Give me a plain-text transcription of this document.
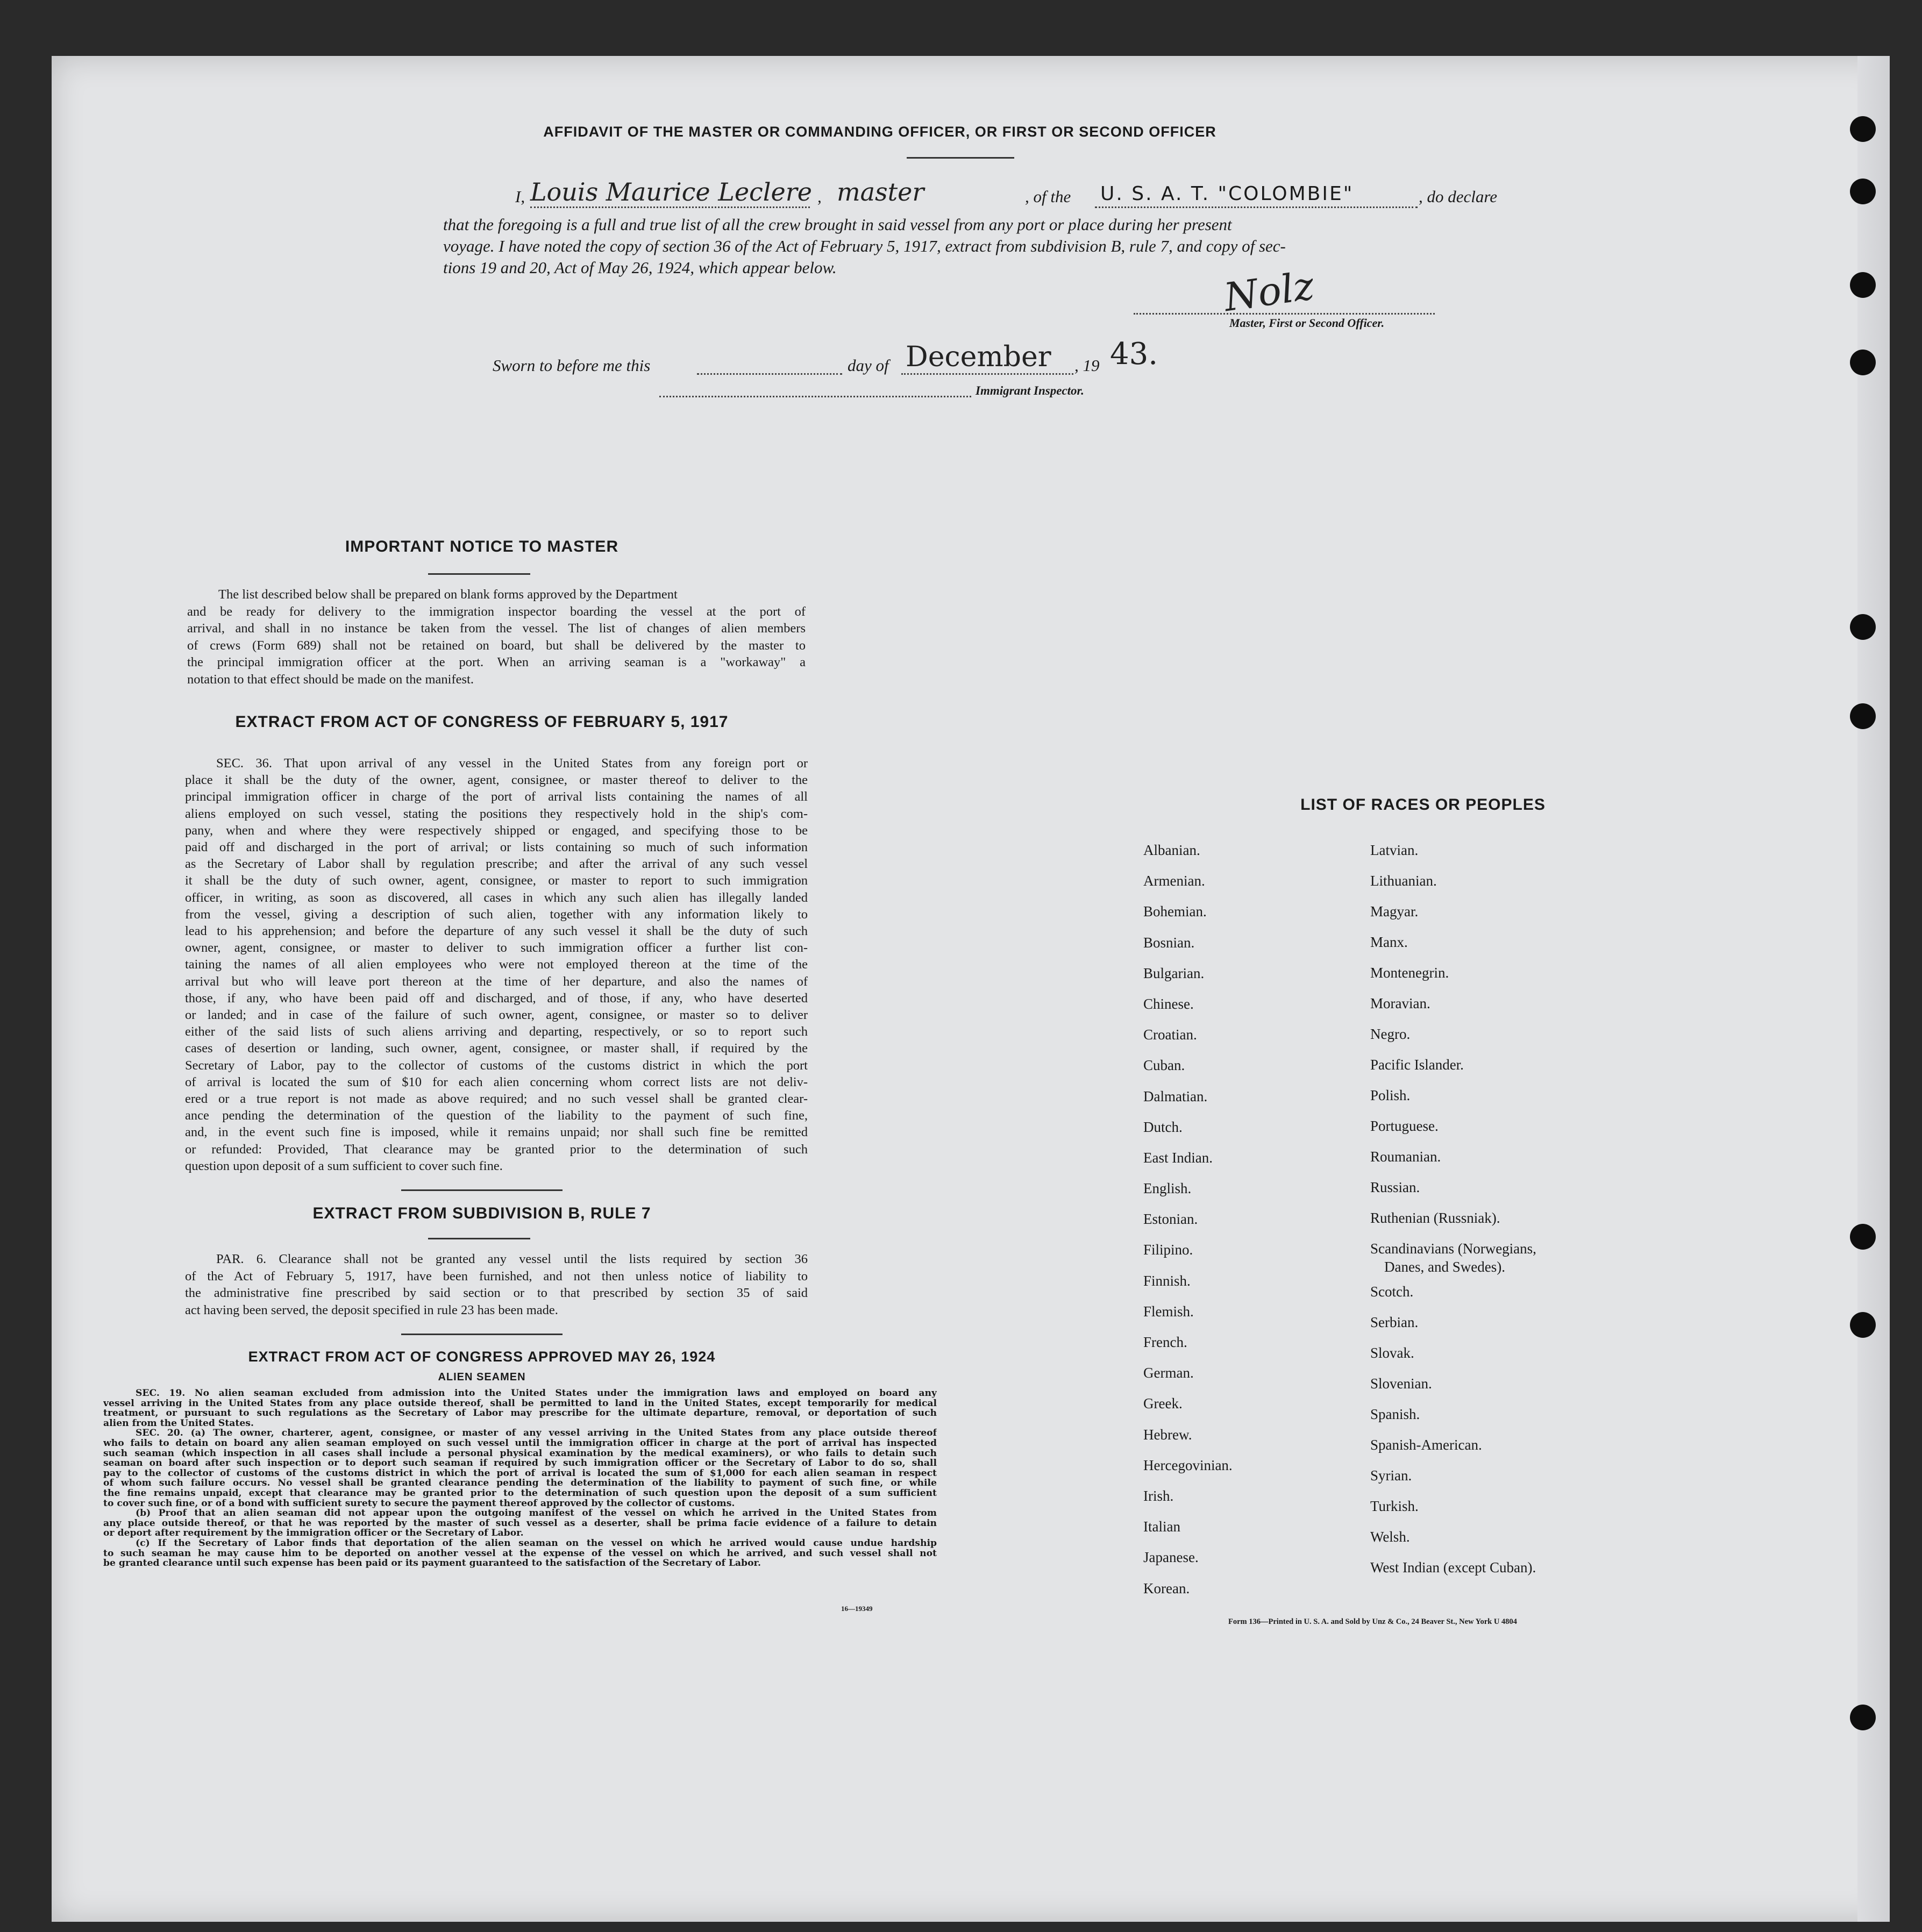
AFFIDAVIT OF THE MASTER OR COMMANDING OFFICER, OR FIRST OR SECOND OFFICER
I, Louis Maurice Leclere , master	, of the U. S. A. T. "COLOMBIE"	, do declare
that the foregoing is a full and true list of all the crew brought in said vessel from any port or place during her present
voyage. I have noted the copy of section 36 of the Act of February 5, 1917, extract from subdivision B, rule 7, and copy of sec-
tions 19 and 20, Act of May 26, 1924, which appear below.	Nolz
Master, First or Second Officer.
Sworn to before me this	day of December , 19 43.
Immigrant Inspector.
IMPORTANT NOTICE TO MASTER
The list described below shall be prepared on blank forms approved by the Department
and be ready for delivery to the immigration inspector boarding the vessel at the port of
arrival, and shall in no instance be taken from the vessel. The list of changes of alien members
of crews (Form 689) shall not be retained on board, but shall be delivered by the master to
the principal immigration officer at the port. When an arriving seaman is a "workaway" a
notation to that effect should be made on the manifest.
EXTRACT FROM ACT OF CONGRESS OF FEBRUARY 5, 1917
SEC. 36. That upon arrival of any vessel in the United States from any foreign port or
place it shall be the duty of the owner, agent, consignee, or master thereof to deliver to the
principal immigration officer in charge of the port of arrival lists containing the names of all
aliens employed on such vessel, stating the positions they respectively hold in the ship's com-
pany, when and where they were respectively shipped or engaged, and specifying those to be
paid off and discharged in the port of arrival; or lists containing so much of such information
as the Secretary of Labor shall by regulation prescribe; and after the arrival of any such vessel
it shall be the duty of such owner, agent, consignee, or master to report to such immigration
officer, in writing, as soon as discovered, all cases in which any such alien has illegally landed
from the vessel, giving a description of such alien, together with any information likely to
lead to his apprehension; and before the departure of any such vessel it shall be the duty of such
owner, agent, consignee, or master to deliver to such immigration officer a further list con-
taining the names of all alien employees who were not employed thereon at the time of the
arrival but who will leave port thereon at the time of her departure, and also the names of
those, if any, who have been paid off and discharged, and of those, if any, who have deserted
or landed; and in case of the failure of such owner, agent, consignee, or master so to deliver
either of the said lists of such aliens arriving and departing, respectively, or so to report such
cases of desertion or landing, such owner, agent, consignee, or master shall, if required by the
Secretary of Labor, pay to the collector of customs of the customs district in which the port
of arrival is located the sum of $10 for each alien concerning whom correct lists are not deliv-
ered or a true report is not made as above required; and no such vessel shall be granted clear-
ance pending the determination of the question of the liability to the payment of such fine,
and, in the event such fine is imposed, while it remains unpaid; nor shall such fine be remitted
or refunded: Provided, That clearance may be granted prior to the determination of such
question upon deposit of a sum sufficient to cover such fine.
EXTRACT FROM SUBDIVISION B, RULE 7
PAR. 6. Clearance shall not be granted any vessel until the lists required by section 36
of the Act of February 5, 1917, have been furnished, and not then unless notice of liability to
the administrative fine prescribed by said section or to that prescribed by section 35 of said
act having been served, the deposit specified in rule 23 has been made.
EXTRACT FROM ACT OF CONGRESS APPROVED MAY 26, 1924
ALIEN SEAMEN
SEC. 19. No alien seaman excluded from admission into the United States under the immigration laws and employed on board any
vessel arriving in the United States from any place outside thereof, shall be permitted to land in the United States, except temporarily for medical
treatment, or pursuant to such regulations as the Secretary of Labor may prescribe for the ultimate departure, removal, or deportation of such
alien from the United States.
SEC. 20. (a) The owner, charterer, agent, consignee, or master of any vessel arriving in the United States from any place outside thereof
who fails to detain on board any alien seaman employed on such vessel until the immigration officer in charge at the port of arrival has inspected
such seaman (which inspection in all cases shall include a personal physical examination by the medical examiners), or who fails to detain such
seaman on board after such inspection or to deport such seaman if required by such immigration officer or the Secretary of Labor to do so, shall
pay to the collector of customs of the customs district in which the port of arrival is located the sum of $1,000 for each alien seaman in respect
of whom such failure occurs. No vessel shall be granted clearance pending the determination of the liability to payment of such fine, or while
the fine remains unpaid, except that clearance may be granted prior to the determination of such question upon the deposit of a sum sufficient
to cover such fine, or of a bond with sufficient surety to secure the payment thereof approved by the collector of customs.
(b) Proof that an alien seaman did not appear upon the outgoing manifest of the vessel on which he arrived in the United States from
any place outside thereof, or that he was reported by the master of such vessel as a deserter, shall be prima facie evidence of a failure to detain
or deport after requirement by the immigration officer or the Secretary of Labor.
(c) If the Secretary of Labor finds that deportation of the alien seaman on the vessel on which he arrived would cause undue hardship
to such seaman he may cause him to be deported on another vessel at the expense of the vessel on which he arrived, and such vessel shall not
be granted clearance until such expense has been paid or its payment guaranteed to the satisfaction of the Secretary of Labor.
16—19349
LIST OF RACES OR PEOPLES
Albanian.
Armenian.
Bohemian.
Bosnian.
Bulgarian.
Chinese.
Croatian.
Cuban.
Dalmatian.
Dutch.
East Indian.
English.
Estonian.
Filipino.
Finnish.
Flemish.
French.
German.
Greek.
Hebrew.
Hercegovinian.
Irish.
Italian
Japanese.
Korean.
Latvian.
Lithuanian.
Magyar.
Manx.
Montenegrin.
Moravian.
Negro.
Pacific Islander.
Polish.
Portuguese.
Roumanian.
Russian.
Ruthenian (Russniak).
Scandinavians (Norwegians,
Danes, and Swedes).
Scotch.
Serbian.
Slovak.
Slovenian.
Spanish.
Spanish-American.
Syrian.
Turkish.
Welsh.
West Indian (except Cuban).
Form 136—Printed in U. S. A. and Sold by Unz & Co., 24 Beaver St., New York U 4804
